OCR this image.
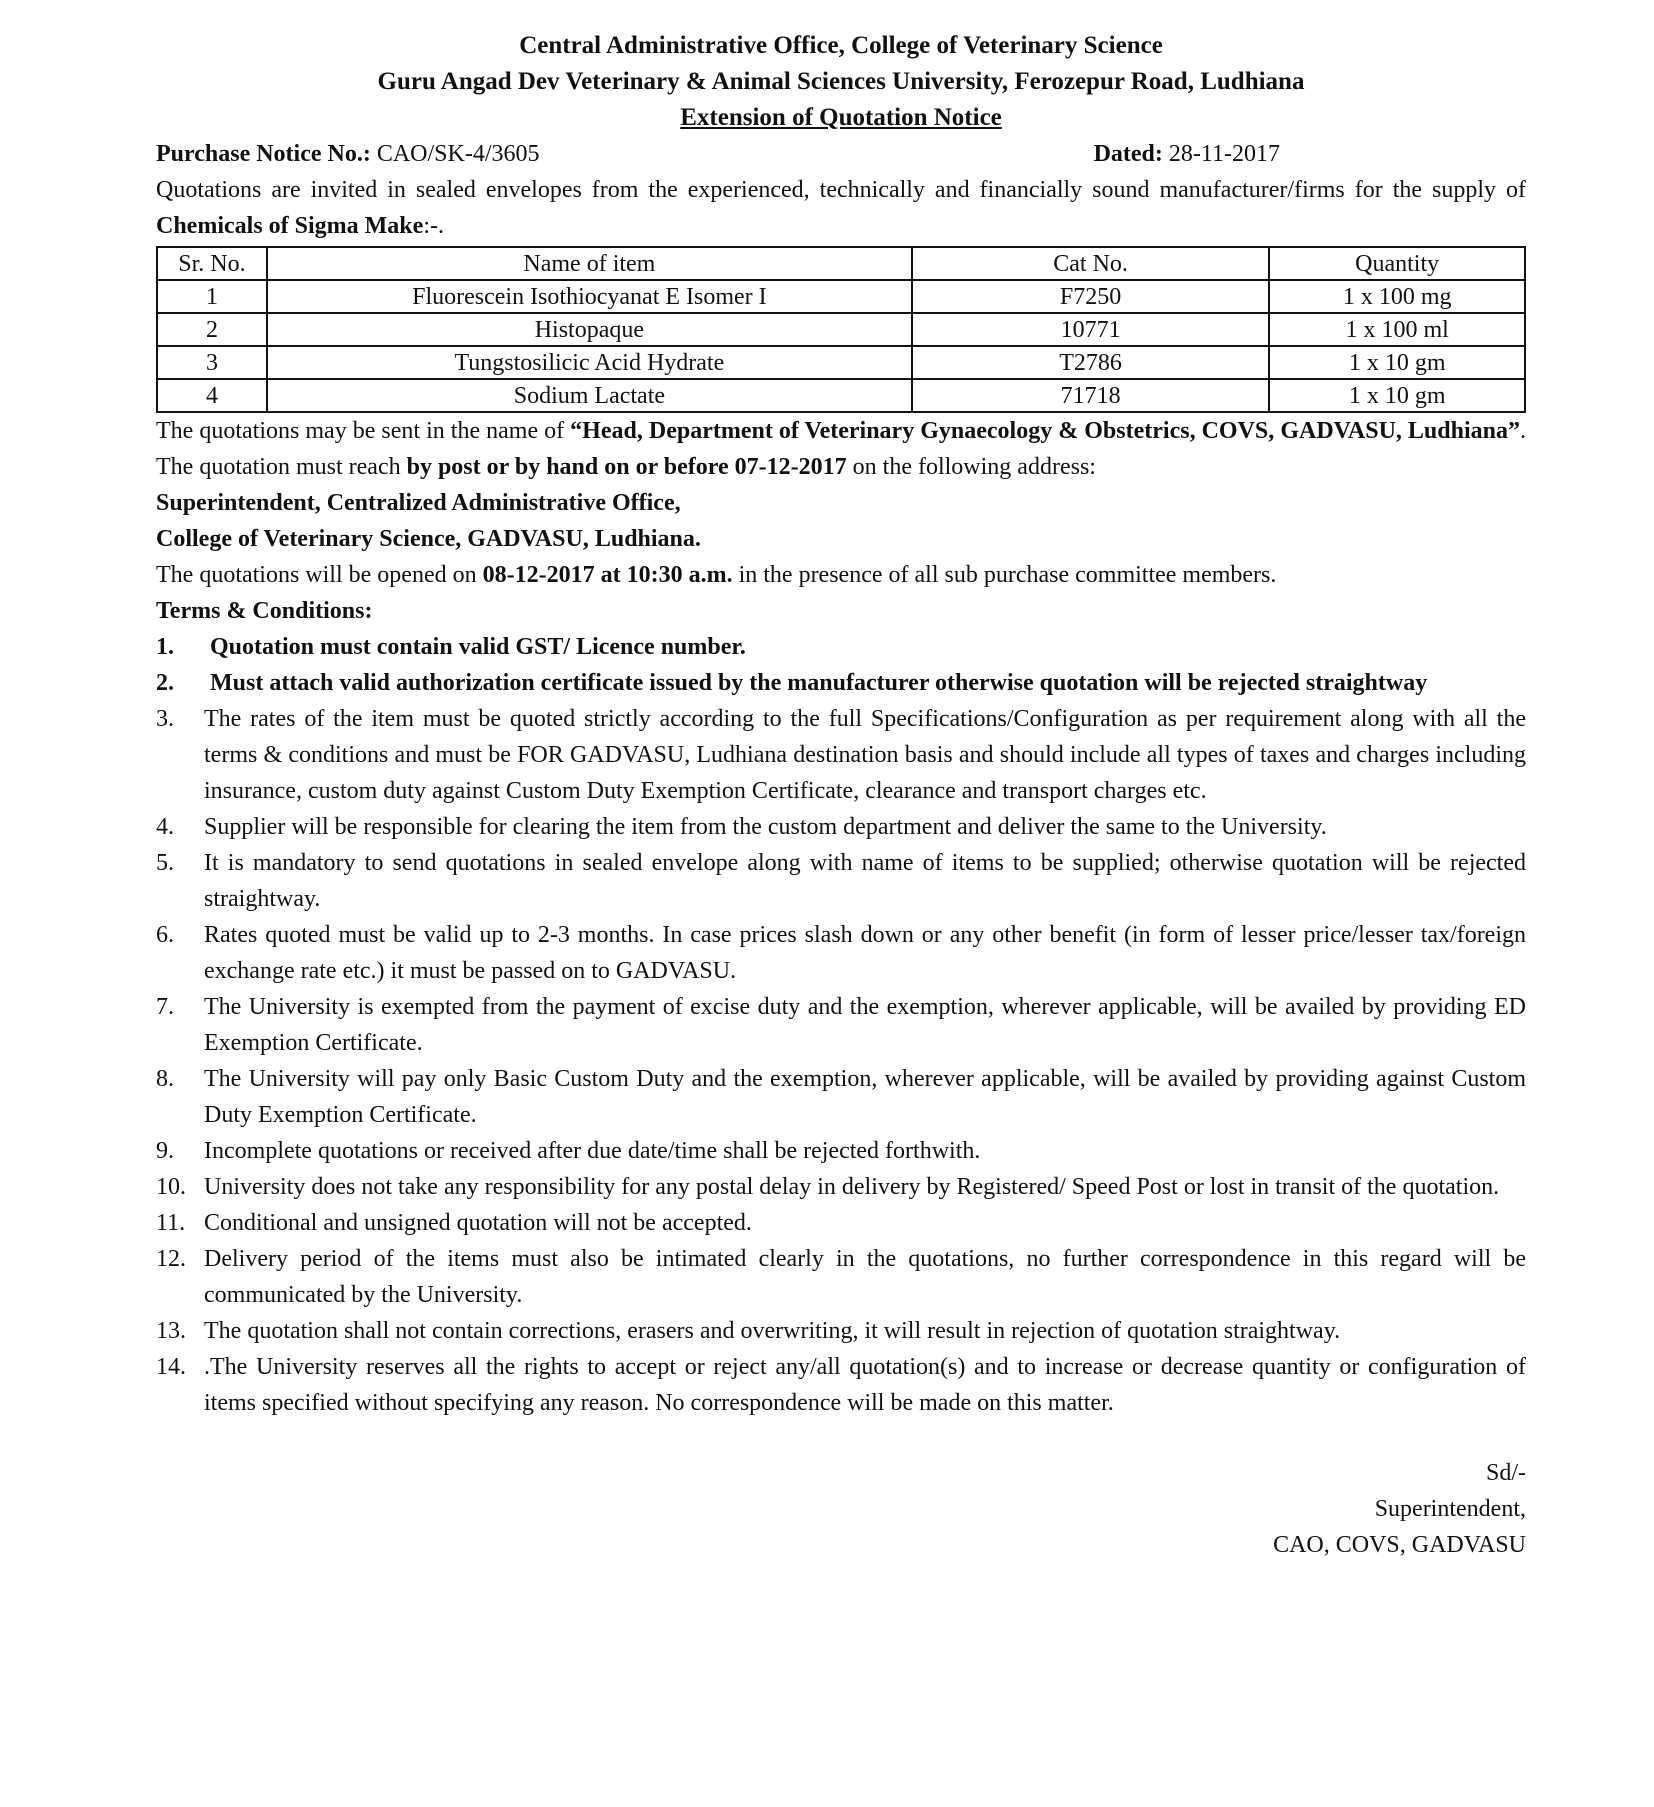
Central Administrative Office, College of Veterinary Science
Guru Angad Dev Veterinary & Animal Sciences University, Ferozepur Road, Ludhiana
Extension of Quotation Notice
Purchase Notice No.: CAO/SK-4/3605	Dated: 28-11-2017
Quotations are invited in sealed envelopes from the experienced, technically and financially sound manufacturer/firms for the supply of Chemicals of Sigma Make:-.
Sr. No.	Name of item	Cat No.	Quantity
1	Fluorescein Isothiocyanat E Isomer I	F7250	1 x 100 mg
2	Histopaque	10771	1 x 100 ml
3	Tungstosilicic Acid Hydrate	T2786	1 x 10 gm
4	Sodium Lactate	71718	1 x 10 gm
The quotations may be sent in the name of “Head, Department of Veterinary Gynaecology & Obstetrics, COVS, GADVASU, Ludhiana”. The quotation must reach by post or by hand on or before 07-12-2017 on the following address:
Superintendent, Centralized Administrative Office,
College of Veterinary Science, GADVASU, Ludhiana.
The quotations will be opened on 08-12-2017 at 10:30 a.m. in the presence of all sub purchase committee members.
Terms & Conditions:
1.	Quotation must contain valid GST/ Licence number.
2.	Must attach valid authorization certificate issued by the manufacturer otherwise quotation will be rejected straightway
3.	The rates of the item must be quoted strictly according to the full Specifications/Configuration as per requirement along with all the terms & conditions and must be FOR GADVASU, Ludhiana destination basis and should include all types of taxes and charges including insurance, custom duty against Custom Duty Exemption Certificate, clearance and transport charges etc.
4.	Supplier will be responsible for clearing the item from the custom department and deliver the same to the University.
5.	It is mandatory to send quotations in sealed envelope along with name of items to be supplied; otherwise quotation will be rejected straightway.
6.	Rates quoted must be valid up to 2-3 months. In case prices slash down or any other benefit (in form of lesser price/lesser tax/foreign exchange rate etc.) it must be passed on to GADVASU.
7.	The University is exempted from the payment of excise duty and the exemption, wherever applicable, will be availed by providing ED Exemption Certificate.
8.	The University will pay only Basic Custom Duty and the exemption, wherever applicable, will be availed by providing against Custom Duty Exemption Certificate.
9.	Incomplete quotations or received after due date/time shall be rejected forthwith.
10. University does not take any responsibility for any postal delay in delivery by Registered/ Speed Post or lost in transit of the quotation.
11. Conditional and unsigned quotation will not be accepted.
12. Delivery period of the items must also be intimated clearly in the quotations, no further correspondence in this regard will be communicated by the University.
13. The quotation shall not contain corrections, erasers and overwriting, it will result in rejection of quotation straightway.
14. .The University reserves all the rights to accept or reject any/all quotation(s) and to increase or decrease quantity or configuration of items specified without specifying any reason. No correspondence will be made on this matter.
Sd/-
Superintendent,
CAO, COVS, GADVASU
